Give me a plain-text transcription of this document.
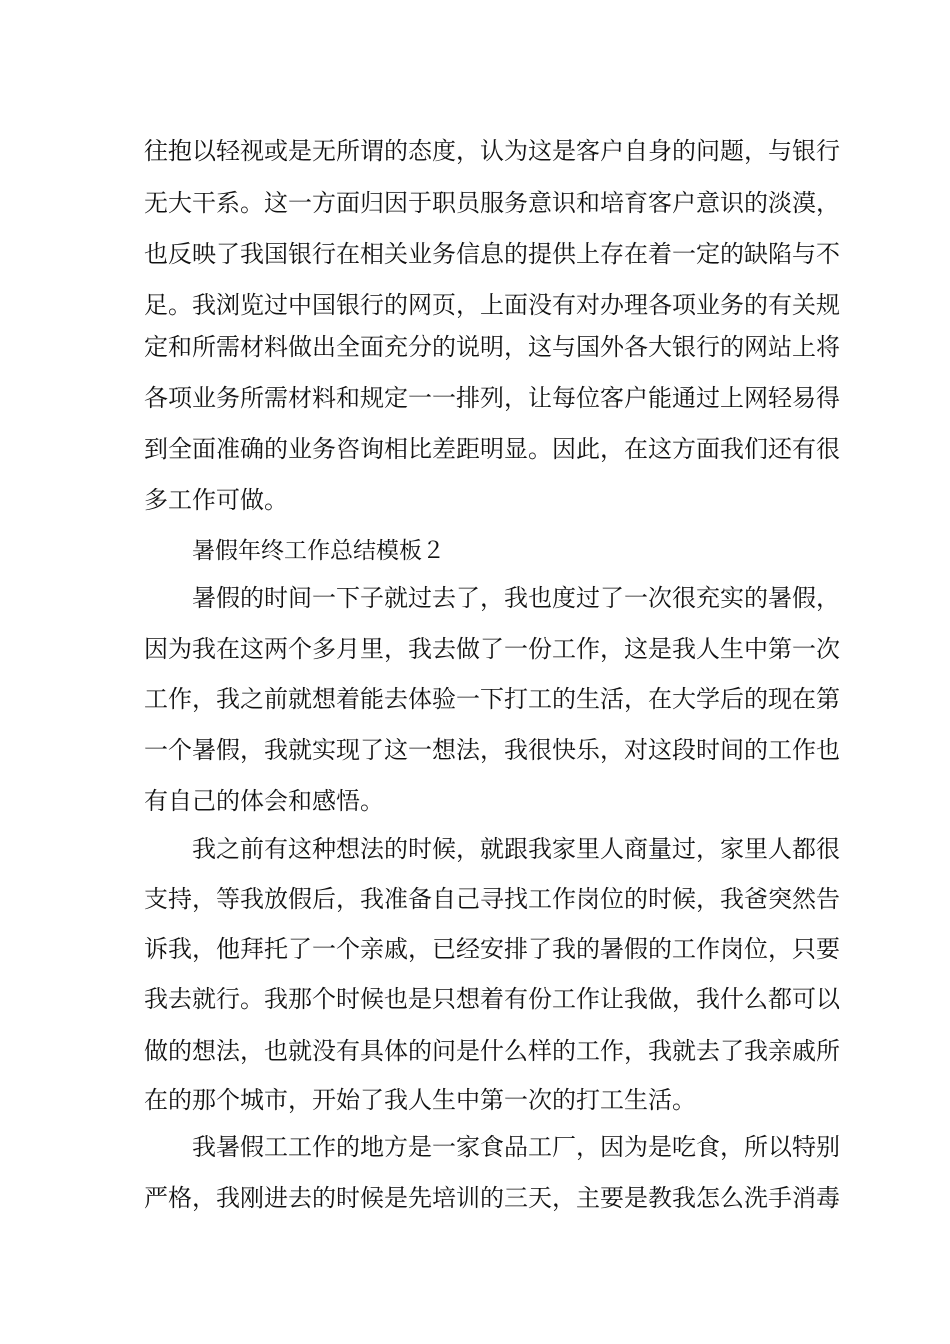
往抱以轻视或是无所谓的态度，认为这是客户自身的问题，与银行
无大干系。这一方面归因于职员服务意识和培育客户意识的淡漠，
也反映了我国银行在相关业务信息的提供上存在着一定的缺陷与不
足。我浏览过中国银行的网页，上面没有对办理各项业务的有关规
定和所需材料做出全面充分的说明，这与国外各大银行的网站上将
各项业务所需材料和规定一一排列，让每位客户能通过上网轻易得
到全面准确的业务咨询相比差距明显。因此，在这方面我们还有很
多工作可做。
暑假年终工作总结模板２
暑假的时间一下子就过去了，我也度过了一次很充实的暑假，
因为我在这两个多月里，我去做了一份工作，这是我人生中第一次
工作，我之前就想着能去体验一下打工的生活，在大学后的现在第
一个暑假，我就实现了这一想法，我很快乐，对这段时间的工作也
有自己的体会和感悟。
我之前有这种想法的时候，就跟我家里人商量过，家里人都很
支持，等我放假后，我准备自己寻找工作岗位的时候，我爸突然告
诉我，他拜托了一个亲戚，已经安排了我的暑假的工作岗位，只要
我去就行。我那个时候也是只想着有份工作让我做，我什么都可以
做的想法，也就没有具体的问是什么样的工作，我就去了我亲戚所
在的那个城市，开始了我人生中第一次的打工生活。
我暑假工工作的地方是一家食品工厂，因为是吃食，所以特别
严格，我刚进去的时候是先培训的三天，主要是教我怎么洗手消毒
